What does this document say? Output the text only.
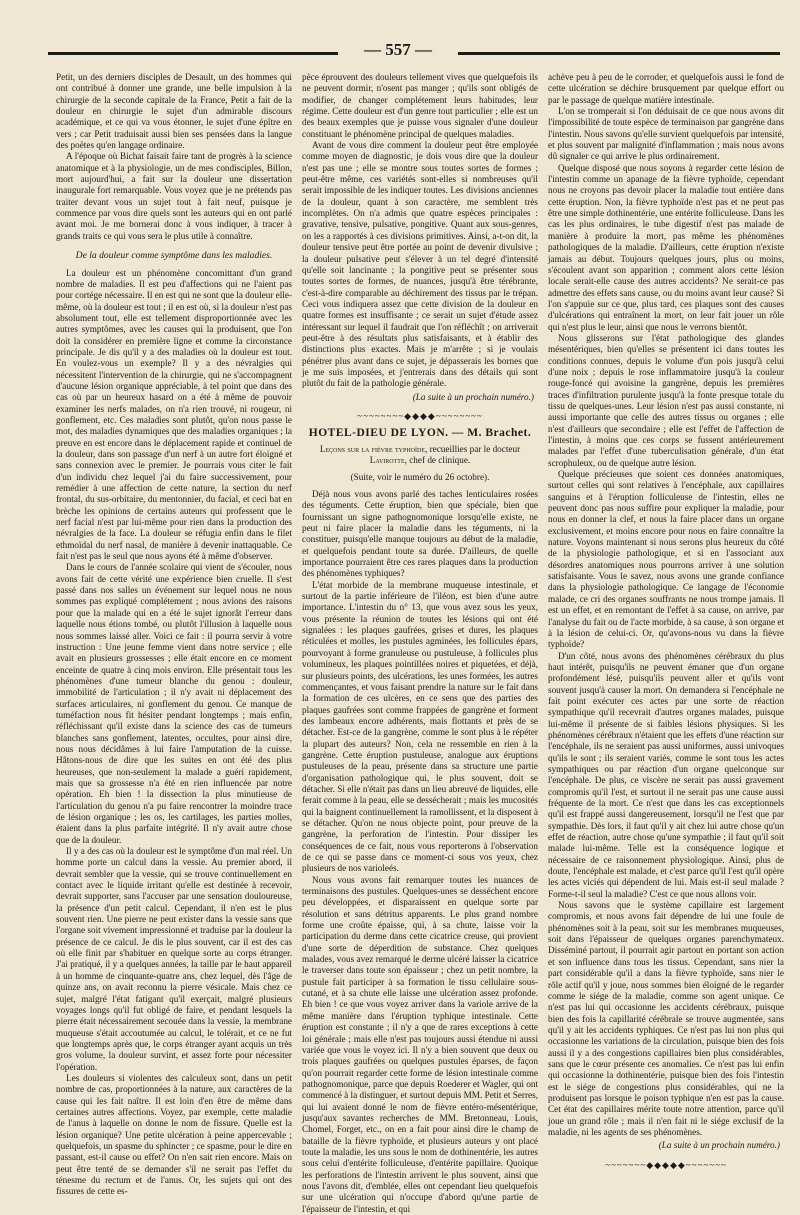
— 557 —

Petit, un des derniers disciples de Desault, un des hommes qui ont contribué à donner une grande, une belle impulsion à la chirurgie de la seconde capitale de la France, Petit a fait de la douleur en chirurgie le sujet d'un admirable discours académique, et ce qui va vous étonner, le sujet d'une épître en vers ; car Petit traduisait aussi bien ses pensées dans la langue des poëtes qu'en langage ordinaire.

A l'époque où Bichat faisait faire tant de progrès à la science anatomique et à la physiologie, un de mes condisciples, Billon, mort aujourd'hui, a fait sur la douleur une dissertation inaugurale fort remarquable. Vous voyez que je ne prétends pas traiter devant vous un sujet tout à fait neuf, puisque je commence par vous dire quels sont les auteurs qui en ont parlé avant moi. Je me bornerai donc à vous indiquer, à tracer à grands traits ce qui vous sera le plus utile à connaître.

De la douleur comme symptôme dans les maladies.

La douleur est un phénomène concomittant d'un grand nombre de maladies. Il est peu d'affections qui ne l'aient pas pour cortége nécessaire. Il en est qui ne sont que la douleur elle-même, où la douleur est tout ; il en est où, si la douleur n'est pas absolument tout, elle est tellement disproportionnée avec les autres symptômes, avec les causes qui la produisent, que l'on doit la considérer en première ligne et comme la circonstance principale. Je dis qu'il y a des maladies où la douleur est tout. En voulez-vous un exemple? Il y a des névralgies qui nécessitent l'intervention de la chirurgie, qui ne s'accompagnent d'aucune lésion organique appréciable, à tel point que dans des cas où par un heureux hasard on a été à même de pouvoir examiner les nerfs malades, on n'a rien trouvé, ni rougeur, ni gonflement, etc. Ces maladies sont plutôt, qu'on nous passe le mot, des maladies dynamiques que des maladies organiques ; la preuve en est encore dans le déplacement rapide et continuel de la douleur, dans son passage d'un nerf à un autre fort éloigné et sans connexion avec le premier. Je pourrais vous citer le fait d'un individu chez lequel j'ai du faire successivement, pour remédier à une affection de cette nature, la section du nerf frontal, du sus-orbitaire, du mentonnier, du facial, et ceci bat en brèche les opinions de certains auteurs qui professent que le nerf facial n'est par lui-même pour rien dans la production des névralgies de la face. La douleur se réfugia enfin dans le filet ethmoïdal du nerf nasal, de manière à devenir inattaquable. Ce fait n'est pas le seul que nous ayons été à même d'observer.

Dans le cours de l'année scolaire qui vient de s'écouler, nous avons fait de cette vérité une expérience bien cruelle. Il s'est passé dans nos salles un événement sur lequel nous ne nous sommes pas expliqué complétement ; nous avions des raisons pour que la malade qui en a été le sujet ignorât l'erreur dans laquelle nous étions tombé, ou plutôt l'illusion à laquelle nous nous sommes laissé aller. Voici ce fait : il pourra servir à votre instruction : Une jeune femme vient dans notre service ; elle avait en plusieurs grossesses ; elle était encore en ce moment enceinte de quatre à cinq mois environ. Elle présentait tous les phénomènes d'une tumeur blanche du genou : douleur, immobilité de l'articulation ; il n'y avait ni déplacement des surfaces articulaires, ni gonflement du genou. Ce manque de tuméfaction nous fit hésiter pendant longtemps ; mais enfin, réfléchissant qu'il existe dans la science des cas de tumeurs blanches sans gonflement, latentes, occultes, pour ainsi dire, nous nous décidâmes à lui faire l'amputation de la cuisse. Hâtons-nous de dire que les suites en ont été des plus heureuses, que non-seulement la malade a guéri rapidement, mais que sa grossesse n'a été en rien influencée par notre opération. Eh bien ! la dissection la plus minutieuse de l'articulation du genou n'a pu faire rencontrer la moindre trace de lésion organique ; les os, les cartilages, les parties molles, étaient dans la plus parfaite intégrité. Il n'y avait autre chose que de la douleur.

Il y a des cas où la douleur est le symptôme d'un mal réel. Un homme porte un calcul dans la vessie. Au premier abord, il devrait sembler que la vessie, qui se trouve continuellement en contact avec le liquide irritant qu'elle est destinée à recevoir, devrait supporter, sans l'accuser par une sensation douloureuse, la présence d'un petit calcul. Cependant, il n'en est le plus souvent rien. Une pierre ne peut exister dans la vessie sans que l'organe soit vivement impressionné et traduise par la douleur la présence de ce calcul. Je dis le plus souvent, car il est des cas où elle finit par s'habituer en quelque sorte au corps étranger. J'ai pratiqué, il y a quelques années, la taille par le haut appareil à un homme de cinquante-quatre ans, chez lequel, dès l'âge de quinze ans, on avait reconnu la pierre vésicale. Mais chez ce sujet, malgré l'état fatigant qu'il exerçait, malgré plusieurs voyages longs qu'il fut obligé de faire, et pendant lesquels la pierre était nécessairement secouée dans la vessie, la membrane muqueuse s'était accoutumée au calcul, le tolérait, et ce ne fut que longtemps après que, le corps étranger ayant acquis un très gros volume, la douleur survint, et assez forte pour nécessiter l'opération.

Les douleurs si violentes des calculeux sont, dans un petit nombre de cas, proportionnées à la nature, aux caractères de la cause qui les fait naître. Il est loin d'en être de même dans certaines autres affections. Voyez, par exemple, cette maladie de l'anus à laquelle on donne le nom de fissure. Quelle est la lésion organique? Une petite ulcération à peine appercevable ; quelquefois, un spasme du sphincter ; ce spasme, pour le dire en passant, est-il cause ou effet? On n'en sait rien encore. Mais on peut être tenté de se demander s'il ne serait pas l'effet du ténesme du rectum et de l'anus. Or, les sujets qui ont des fissures de cette es-

pèce éprouvent des douleurs tellement vives que quelquefois ils ne peuvent dormir, n'osent pas manger ; qu'ils sont obligés de modifier, de changer complétement leurs habitudes, leur régime. Cette douleur est d'un genre tout particulier ; elle est un des beaux exemples que je puisse vous signaler d'une douleur constituant le phénomène principal de quelques maladies.

Avant de vous dire comment la douleur peut être employée comme moyen de diagnostic, je dois vous dire que la douleur n'est pas une ; elle se montre sous toutes sortes de formes ; peut-être même, ces variétés sont-elles si nombreuses qu'il serait impossible de les indiquer toutes. Les divisions anciennes de la douleur, quant à son caractère, me semblent très incomplètes. On n'a admis que quatre espèces principales : gravative, tensive, pulsative, pongitive. Quant aux sous-genres, on les a rapportés à ces divisions primitives. Ainsi, a-t-on dit, la douleur tensive peut être portée au point de devenir divulsive ; la douleur pulsative peut s'élever à un tel degré d'intensité qu'elle soit lancinante ; la pongitive peut se présenter sous toutes sortes de formes, de nuances, jusqu'à être térébrante, c'est-à-dire comparable au déchirement des tissus par le trépan. Ceci vous indiquera assez que cette division de la douleur en quatre formes est insuffisante ; ce serait un sujet d'étude assez intéressant sur lequel il faudrait que l'on réfléchît ; on arriverait peut-être à des résultats plus satisfaisants, et à établir des distinctions plus exactes. Mais je m'arrête ; si je voulais pénétrer plus avant dans ce sujet, je dépasserais les bornes que je me suis imposées, et j'entrerais dans des détails qui sont plutôt du fait de la pathologie générale.

(La suite à un prochain numéro.)
~~~~~~~~◆◆◆◆~~~~~~~~
HOTEL-DIEU DE LYON. — M. Brachet.
Leçons sur la fièvre typhoïde, recueillies par le docteur Lavirotte, chef de clinique.
(Suite, voir le numéro du 26 octobre).

Déjà nous vous avons parlé des taches lenticulaires rosées des téguments. Cette éruption, bien que spéciale, bien que fournissant un signe pathognomonique lorsqu'elle existe, ne peut ni faire placer la maladie dans les téguments, ni la constituer, puisqu'elle manque toujours au début de la maladie, et quelquefois pendant toute sa durée. D'ailleurs, de quelle importance pourraient être ces rares plaques dans la production des phénomènes typhiques?

L'état morbide de la membrane muqueuse intestinale, et surtout de la partie inférieure de l'iléon, est bien d'une autre importance. L'intestin du n° 13, que vous avez sous les yeux, vous présente la réunion de toutes les lésions qui ont été signalées : les plaques gaufrées, grises et dures, les plaques réticulées et molles, les pustules agminées, les follicules épars, pourvoyant à forme granuleuse ou pustuleuse, à follicules plus volumineux, les plaques pointillées noires et piquetées, et déjà, sur plusieurs points, des ulcérations, les unes formées, les autres commençantes, et vous faisant prendre la nature sur le fait dans la formation de ces ulcères, en ce sens que des parties des plaques gaufrées sont comme frappées de gangrène et forment des lambeaux encore adhérents, mais flottants et près de se détacher. Est-ce de la gangrène, comme le sont plus à le répéter la plupart des auteurs? Non, cela ne ressemble en rien à la gangrène. Cette éruption pustuleuse, analogue aux éruptions pustuleuses de la peau, présente dans sa structure une partie d'organisation pathologique qui, le plus souvent, doit se détacher. Si elle n'était pas dans un lieu abreuvé de liquides, elle ferait comme à la peau, elle se dessécherait ; mais les mucosités qui la baignent continuellement la ramollissent, et la disposent à se détacher. Qu'on ne nous objecte point, pour preuve de la gangrène, la perforation de l'intestin. Pour dissiper les conséquences de ce fait, nous vous reporterons à l'observation de ce qui se passe dans ce moment-ci sous vos yeux, chez plusieurs de nos varioleés.

Nous vous avons fait remarquer toutes les nuances de terminaisons des pustules. Quelques-unes se desséchent encore peu développées, et disparaissent en quelque sorte par résolution et sans détritus apparents. Le plus grand nombre forme une croûte épaisse, qui, à sa chute, laisse voir la participation du derme dans cette cicatrice creuse, qui provient d'une sorte de déperdition de substance. Chez quelques malades, vous avez remarqué le derme ulcéré laisser la cicatrice le traverser dans toute son épaisseur ; chez un petit nombre, la pustule fait participer à sa formation le tissu cellulaire sous-cutané, et à sa chute elle laisse une ulcération assez profonde. Eh bien ! ce que vous voyez arriver dans la variole arrive de la même manière dans l'éruption typhique intestinale. Cette éruption est constante ; il n'y a que de rares exceptions à cette loi générale ; mais elle n'est pas toujours aussi étendue ni aussi variée que vous le voyez ici. Il n'y a bien souvent que deux ou trois plaques gaufrées ou quelques pustules éparses, de façon qu'on pourrait regarder cette forme de lésion intestinale comme pathognomonique, parce que depuis Roederer et Wagler, qui ont commencé à la distinguer, et surtout depuis MM. Petit et Serres, qui lui avaient donné le nom de fièvre entéro-mésentérique, jusqu'aux savantes recherches de MM. Bretonneau, Louis, Chomel, Forget, etc., on en a fait pour ainsi dire le champ de bataille de la fièvre typhoïde, et plusieurs auteurs y ont placé toute la maladie, les uns sous le nom de dothinentérie, les autres sous celui d'entérite folliculeuse, d'entérite papillaire. Quoique les perforations de l'intestin arrivent le plus souvent, ainsi que nous l'avons dit, d'emblée, elles ont cependant lieu quelquefois sur une ulcération qui n'occupe d'abord qu'une partie de l'épaisseur de l'intestin, et qui

achève peu à peu de le corroder, et quelquefois aussi le fond de cette ulcération se déchire brusquement par quelque effort ou par le passage de quelque matière intestinale.

L'on se tromperait si l'on déduisait de ce que nous avons dit l'impossibilité de toute espèce de terminaison par gangrène dans l'intestin. Nous savons qu'elle survient quelquefois par intensité, et plus souvent par malignité d'inflammation ; mais nous avons dû signaler ce qui arrive le plus ordinairement.

Quelque disposé que nous soyons à regarder cette lésion de l'intestin comme un apanage de la fièvre typhoïde, cependant nous ne croyons pas devoir placer la maladie tout entière dans cette éruption. Non, la fièvre typhoïde n'est pas et ne peut pas être une simple dothinentérie, une entérite folliculeuse. Dans les cas les plus ordinaires, le tube digestif n'est pas malade de manière à produire la mort, pas même les phénomènes pathologiques de la maladie. D'ailleurs, cette éruption n'existe jamais au début. Toujours quelques jours, plus ou moins, s'écoulent avant son apparition ; comment alors cette lésion locale serait-elle cause des autres accidents? Ne serait-ce pas admettre des effets sans cause, ou du moins avant leur cause? Si l'on s'appuie sur ce que, plus tard, ces plaques sont des causes d'ulcérations qui entraînent la mort, on leur fait jouer un rôle qui n'est plus le leur, ainsi que nous le verrons bientôt.

Nous glisserons sur l'état pathologique des glandes mésentériques, bien qu'elles se présentent ici dans toutes les conditions connues, depuis le volume d'un pois jusqu'à celui d'une noix ; depuis le rose inflammatoire jusqu'à la couleur rouge-foncé qui avoisine la gangrène, depuis les premières traces d'infiltration purulente jusqu'à la fonte presque totale du tissu de quelques-unes. Leur lésion n'est pas aussi constante, ni aussi importante que celle des autres tissus ou organes ; elle n'est d'ailleurs que secondaire ; elle est l'effet de l'affection de l'intestin, à moins que ces corps se fussent antérieurement malades par l'effet d'une tuberculisation générale, d'un état scrophuleux, ou de quelque autre lésion.

Quelque précieuses que soient ces données anatomiques, surtout celles qui sont relatives à l'encéphale, aux capillaires sanguins et à l'éruption folliculeuse de l'intestin, elles ne peuvent donc pas nous suffire pour expliquer la maladie, pour nous en donner la clef, et nous la faire placer dans un organe exclusivement, et moins encore pour nous en faire connaître la nature. Voyons maintenant si nous serons plus heureux du côté de la physiologie pathologique, et si en l'associant aux désordres anatomiques nous pourrons arriver à une solution satisfaisante. Vous le savez, nous avons une grande confiance dans la physiologie pathologique. Ce langage de l'économie malade, ce cri des organes souffrants ne nous trompe jamais. Il est un effet, et en remontant de l'effet à sa cause, on arrive, par l'analyse du fait ou de l'acte morbide, à sa cause, à son organe et à la lésion de celui-ci. Or, qu'avons-nous vu dans la fièvre typhoïde?

D'un côté, nous avons des phénomènes cérébraux du plus haut intérêt, puisqu'ils ne peuvent émaner que d'un organe profondément lésé, puisqu'ils peuvent aller et qu'ils vont souvent jusqu'à causer la mort. On demandera si l'encéphale ne fait point exécuter ces actes par une sorte de réaction sympathique qu'il recevrait d'autres organes malades, puisque lui-même il présente de si faibles lésions physiques. Si les phénomènes cérébraux n'étaient que les effets d'une réaction sur l'encéphale, ils ne seraient pas aussi uniformes, aussi univoques qu'ils le sont ; ils seraient variés, comme le sont tous les actes sympathiques ou par réaction d'un organe quelconque sur l'encéphale. De plus, ce viscère ne serait pas aussi gravement compromis qu'il l'est, et surtout il ne serait pas une cause aussi fréquente de la mort. Ce n'est que dans les cas exceptionnels qu'il est frappé aussi dangereusement, lorsqu'il ne l'est que par sympathie. Dès lors, il faut qu'il y ait chez lui autre chose qu'un effet de réaction, autre chose qu'une sympathie ; il faut qu'il soit malade lui-même. Telle est la conséquence logique et nécessaire de ce raisonnement physiologique. Ainsi, plus de doute, l'encéphale est malade, et c'est parce qu'il l'est qu'il opère les actes viciés qui dépendent de lui. Mais est-il seul malade ? Forme-t-il seul la maladie? C'est ce que nous allons voir.

Nous savons que le système capillaire est largement compromis, et nous avons fait dépendre de lui une foule de phénomènes soit à la peau, soit sur les membranes muqueuses, soit dans l'épaisseur de quelques organes parenchymateux. Disséminé partout, il pourrait agir partout en portant son action et son influence dans tous les tissus. Cependant, sans nier la part considérable qu'il a dans la fièvre typhoïde, sans nier le rôle actif qu'il y joue, nous sommes bien éloigné de le regarder comme le siége de la maladie, comme son agent unique. Ce n'est pas lui qui occasionne les accidents cérébraux, puisque bien des fois la capillarité cérébrale se trouve augmentée, sans qu'il y ait les accidents typhiques. Ce n'est pas lui non plus qui occasionne les variations de la circulation, puisque bien des fois aussi il y a des congestions capillaires bien plus considérables, sans que le cœur présente ces anomalies. Ce n'est pas lui enfin qui occasionne la dothinentérie, puisque bien des fois l'intestin est le siége de congestions plus considérables, qui ne la produisent pas lorsque le poison typhique n'en est pas la cause. Cet état des capillaires mérite toute notre attention, parce qu'il joue un grand rôle ; mais il n'en fait ni le siége exclusif de la maladie, ni les agents de ses phénomènes.

(La suite à un prochain numéro.)
~~~~~~~◆◆◆◆◆~~~~~~~
